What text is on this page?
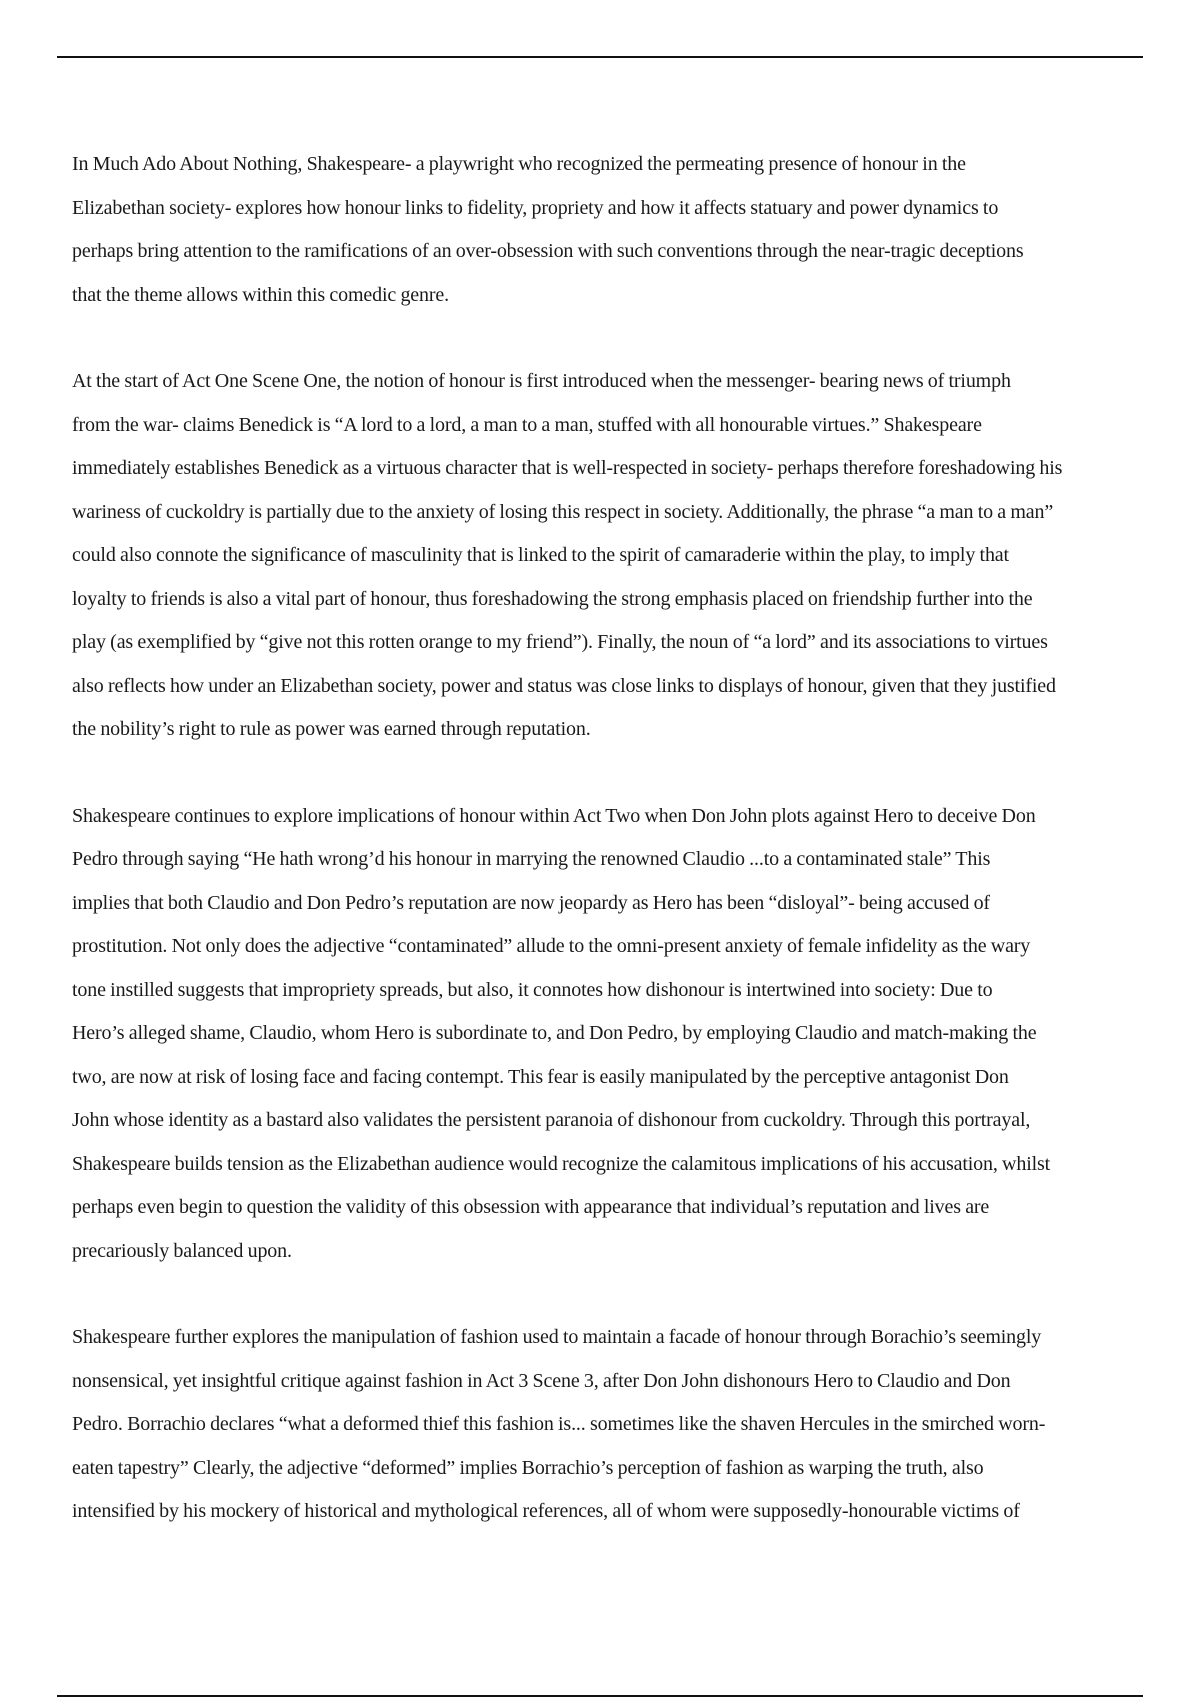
In Much Ado About Nothing, Shakespeare- a playwright who recognized the permeating presence of honour in the
Elizabethan society- explores how honour links to fidelity, propriety and how it affects statuary and power dynamics to
perhaps bring attention to the ramifications of an over-obsession with such conventions through the near-tragic deceptions
that the theme allows within this comedic genre.

At the start of Act One Scene One, the notion of honour is first introduced when the messenger- bearing news of triumph
from the war- claims Benedick is “A lord to a lord, a man to a man, stuffed with all honourable virtues.” Shakespeare
immediately establishes Benedick as a virtuous character that is well-respected in society- perhaps therefore foreshadowing his
wariness of cuckoldry is partially due to the anxiety of losing this respect in society. Additionally, the phrase “a man to a man”
could also connote the significance of masculinity that is linked to the spirit of camaraderie within the play, to imply that
loyalty to friends is also a vital part of honour, thus foreshadowing the strong emphasis placed on friendship further into the
play (as exemplified by “give not this rotten orange to my friend”). Finally, the noun of “a lord” and its associations to virtues
also reflects how under an Elizabethan society, power and status was close links to displays of honour, given that they justified
the nobility’s right to rule as power was earned through reputation.

Shakespeare continues to explore implications of honour within Act Two when Don John plots against Hero to deceive Don
Pedro through saying “He hath wrong’d his honour in marrying the renowned Claudio ...to a contaminated stale” This
implies that both Claudio and Don Pedro’s reputation are now jeopardy as Hero has been “disloyal”- being accused of
prostitution. Not only does the adjective “contaminated” allude to the omni-present anxiety of female infidelity as the wary
tone instilled suggests that impropriety spreads, but also, it connotes how dishonour is intertwined into society: Due to
Hero’s alleged shame, Claudio, whom Hero is subordinate to, and Don Pedro, by employing Claudio and match-making the
two, are now at risk of losing face and facing contempt. This fear is easily manipulated by the perceptive antagonist Don
John whose identity as a bastard also validates the persistent paranoia of dishonour from cuckoldry. Through this portrayal,
Shakespeare builds tension as the Elizabethan audience would recognize the calamitous implications of his accusation, whilst
perhaps even begin to question the validity of this obsession with appearance that individual’s reputation and lives are
precariously balanced upon.

Shakespeare further explores the manipulation of fashion used to maintain a facade of honour through Borachio’s seemingly
nonsensical, yet insightful critique against fashion in Act 3 Scene 3, after Don John dishonours Hero to Claudio and Don
Pedro. Borrachio declares “what a deformed thief this fashion is... sometimes like the shaven Hercules in the smirched worn-
eaten tapestry” Clearly, the adjective “deformed” implies Borrachio’s perception of fashion as warping the truth, also
intensified by his mockery of historical and mythological references, all of whom were supposedly-honourable victims of
